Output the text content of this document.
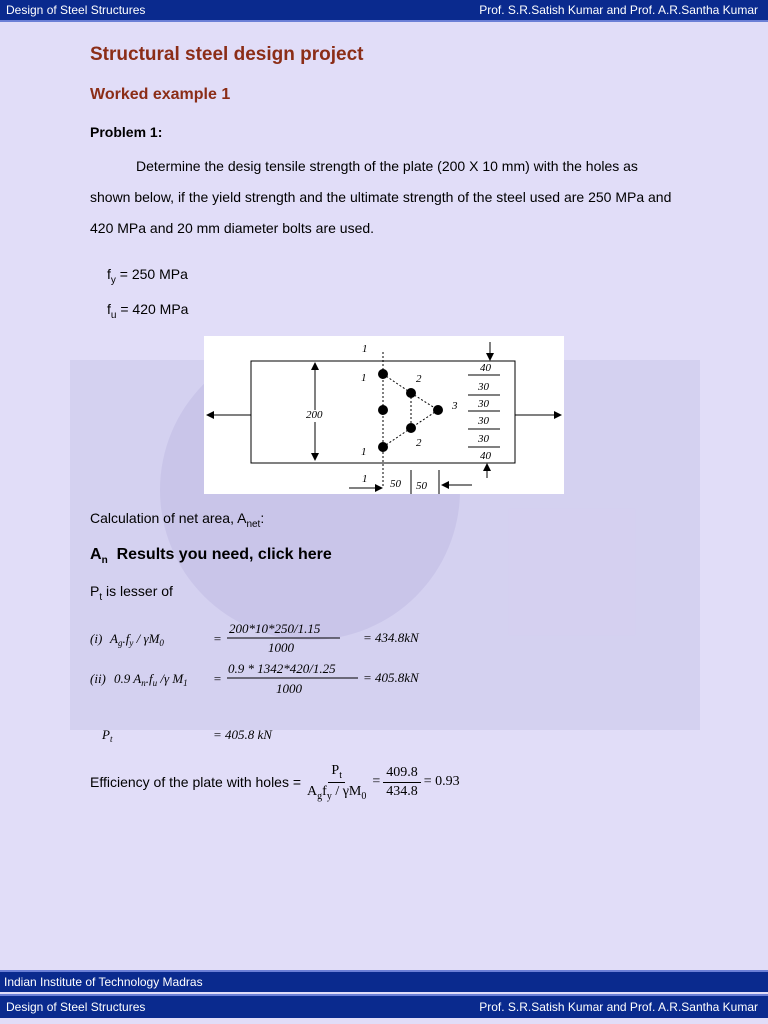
Design of Steel Structures	Prof. S.R.Satish Kumar and Prof. A.R.Santha Kumar
Structural steel design project
Worked example 1
Problem 1:
Determine the desig tensile strength of the plate (200 X 10 mm) with the holes as shown below, if the yield strength and the ultimate strength of the steel used are 250 MPa and 420 MPa and 20 mm diameter bolts are used.
$f_y = 250$ MPa
$f_u = 420$ MPa
200
1
1 50 50
1	2
3
2
1
40
30
30
30
30
40
Calculation of net area, $A_{net}$:
$A_n$ Results you need, click here
$P_t$ is lesser of
(i) $A_g.f_y / \gamma M_0$	=
200*10*250/1.15
1000
= 434.8kN
(ii) 0.9 $A_n.f_u$ /γ $M_1$ =
0.9 * 1342*420/1.25
1000
= 405.8kN
$P_t$	= 405.8 kN
Efficiency of the plate with holes = $\frac{P_t}{A_gf_y / \gamma M_0} = \frac{409.8}{434.8} = 0.93$
Indian Institute of Technology Madras
Design of Steel Structures	Prof. S.R.Satish Kumar and Prof. A.R.Santha Kumar
